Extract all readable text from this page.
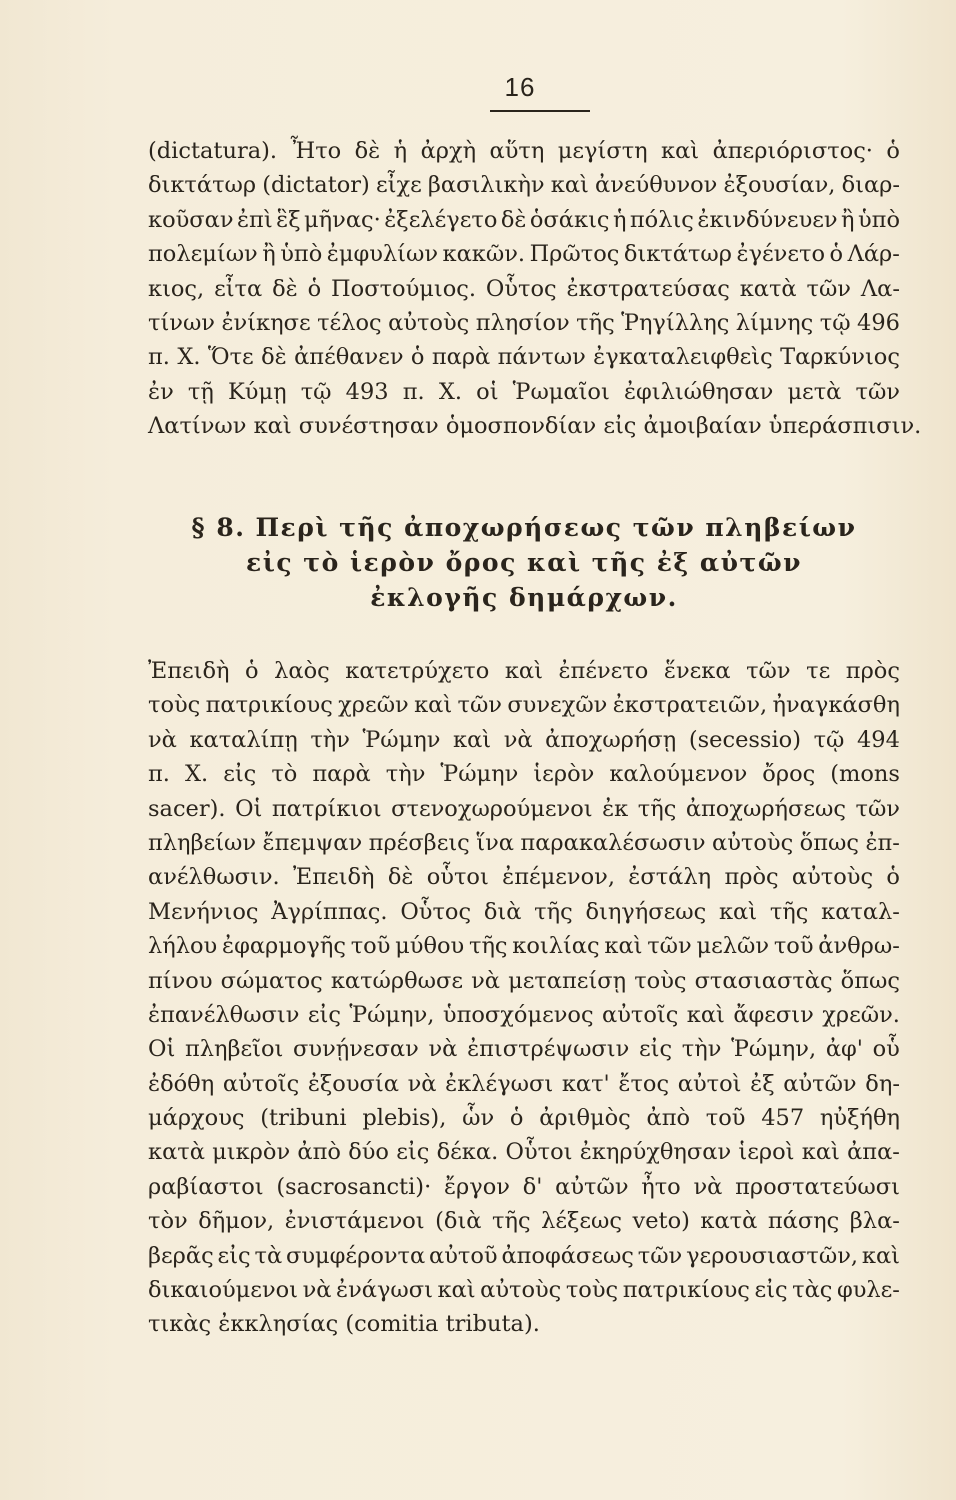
16
(dictatura). Ἦτο δὲ ἡ ἀρχὴ αὕτη μεγίστη καὶ ἀπεριόριστος· ὁ
δικτάτωρ (dictator) εἶχε βασιλικὴν καὶ ἀνεύθυνον ἐξουσίαν, διαρ-
κοῦσαν ἐπὶ ἓξ μῆνας· ἐξελέγετο δὲ ὁσάκις ἡ πόλις ἐκινδύνευεν ἢ ὑπὸ
πολεμίων ἢ ὑπὸ ἐμφυλίων κακῶν. Πρῶτος δικτάτωρ ἐγένετο ὁ Λάρ-
κιος, εἶτα δὲ ὁ Ποστούμιος. Οὗτος ἐκστρατεύσας κατὰ τῶν Λα-
τίνων ἐνίκησε τέλος αὐτοὺς πλησίον τῆς Ῥηγίλλης λίμνης τῷ 496
π. Χ. Ὅτε δὲ ἀπέθανεν ὁ παρὰ πάντων ἐγκαταλειφθεὶς Ταρκύνιος
ἐν τῇ Κύμῃ τῷ 493 π. Χ. οἱ Ῥωμαῖοι ἐφιλιώθησαν μετὰ τῶν
Λατίνων καὶ συνέστησαν ὁμοσπονδίαν εἰς ἀμοιβαίαν ὑπεράσπισιν.
§ 8. Περὶ τῆς ἀποχωρήσεως τῶν πληβείων
εἰς τὸ ἱερὸν ὄρος καὶ τῆς ἐξ αὐτῶν
ἐκλογῆς δημάρχων.
Ἐπειδὴ ὁ λαὸς κατετρύχετο καὶ ἐπένετο ἕνεκα τῶν τε πρὸς
τοὺς πατρικίους χρεῶν καὶ τῶν συνεχῶν ἐκστρατειῶν, ἠναγκάσθη
νὰ καταλίπῃ τὴν Ῥώμην καὶ νὰ ἀποχωρήσῃ (secessio) τῷ 494
π. Χ. εἰς τὸ παρὰ τὴν Ῥώμην ἱερὸν καλούμενον ὄρος (mons
sacer). Οἱ πατρίκιοι στενοχωρούμενοι ἐκ τῆς ἀποχωρήσεως τῶν
πληβείων ἔπεμψαν πρέσβεις ἵνα παρακαλέσωσιν αὐτοὺς ὅπως ἐπ-
ανέλθωσιν. Ἐπειδὴ δὲ οὗτοι ἐπέμενον, ἐστάλη πρὸς αὐτοὺς ὁ
Μενήνιος Ἀγρίππας. Οὗτος διὰ τῆς διηγήσεως καὶ τῆς καταλ-
λήλου ἐφαρμογῆς τοῦ μύθου τῆς κοιλίας καὶ τῶν μελῶν τοῦ ἀνθρω-
πίνου σώματος κατώρθωσε νὰ μεταπείσῃ τοὺς στασιαστὰς ὅπως
ἐπανέλθωσιν εἰς Ῥώμην, ὑποσχόμενος αὐτοῖς καὶ ἄφεσιν χρεῶν.
Οἱ πληβεῖοι συνῄνεσαν νὰ ἐπιστρέψωσιν εἰς τὴν Ῥώμην, ἀφ' οὗ
ἐδόθη αὐτοῖς ἐξουσία νὰ ἐκλέγωσι κατ' ἔτος αὐτοὶ ἐξ αὐτῶν δη-
μάρχους (tribuni plebis), ὧν ὁ ἀριθμὸς ἀπὸ τοῦ 457 ηὐξήθη
κατὰ μικρὸν ἀπὸ δύο εἰς δέκα. Οὗτοι ἐκηρύχθησαν ἱεροὶ καὶ ἀπα-
ραβίαστοι (sacrosancti)· ἔργον δ' αὐτῶν ἦτο νὰ προστατεύωσι
τὸν δῆμον, ἐνιστάμενοι (διὰ τῆς λέξεως veto) κατὰ πάσης βλα-
βερᾶς εἰς τὰ συμφέροντα αὐτοῦ ἀποφάσεως τῶν γερουσιαστῶν, καὶ
δικαιούμενοι νὰ ἐνάγωσι καὶ αὐτοὺς τοὺς πατρικίους εἰς τὰς φυλε-
τικὰς ἐκκλησίας (comitia tributa).
